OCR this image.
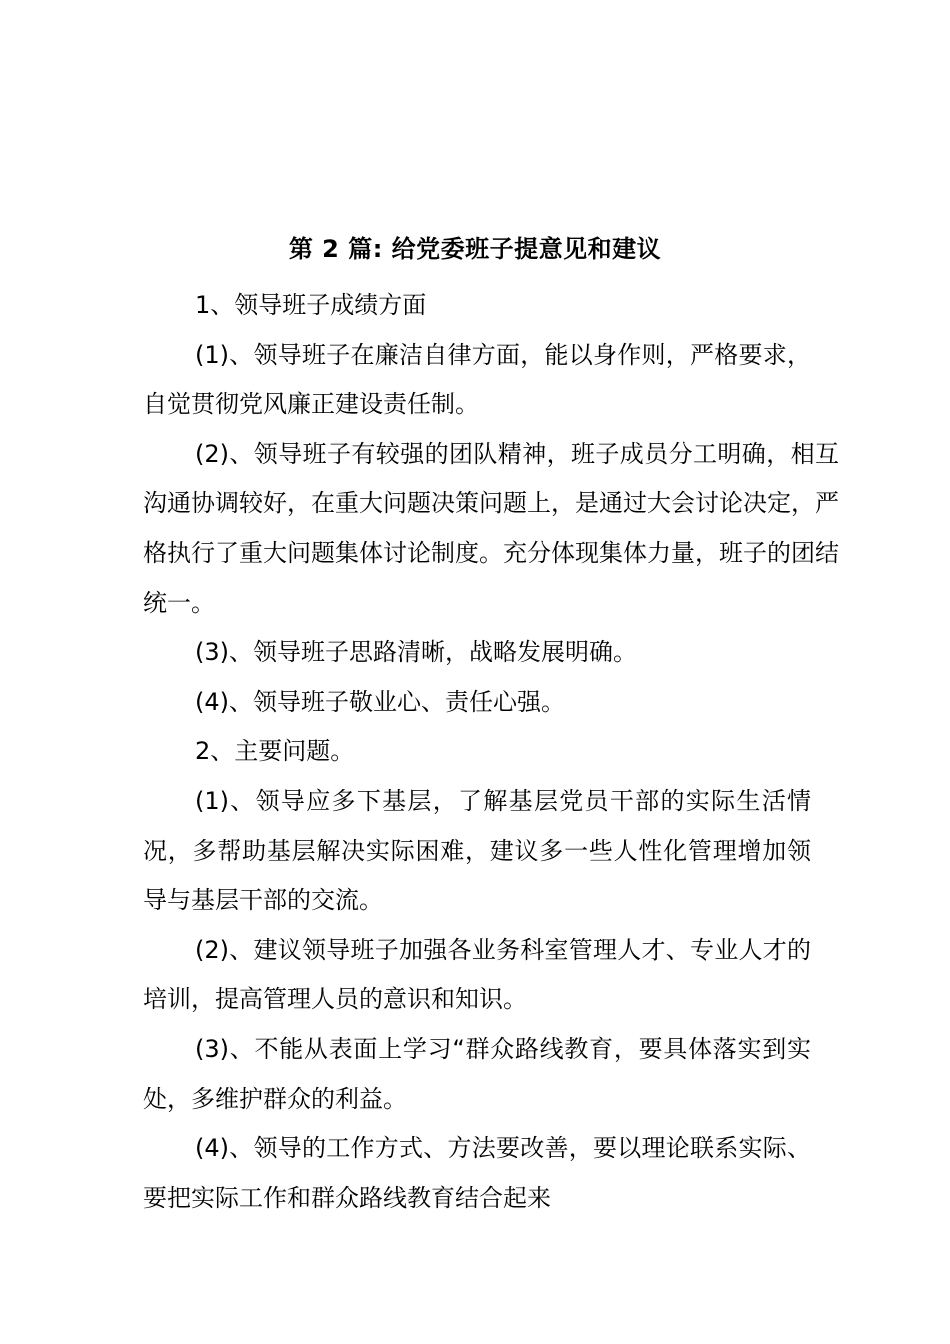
第 2 篇: 给党委班子提意见和建议

1、领导班子成绩方面

(1)、领导班子在廉洁自律方面，能以身作则，严格要求，自觉贯彻党风廉正建设责任制。

(2)、领导班子有较强的团队精神，班子成员分工明确，相互沟通协调较好，在重大问题决策问题上，是通过大会讨论决定，严格执行了重大问题集体讨论制度。充分体现集体力量，班子的团结统一。

(3)、领导班子思路清晰，战略发展明确。

(4)、领导班子敬业心、责任心强。

2、主要问题。

(1)、领导应多下基层，了解基层党员干部的实际生活情况，多帮助基层解决实际困难，建议多一些人性化管理增加领导与基层干部的交流。

(2)、建议领导班子加强各业务科室管理人才、专业人才的培训，提高管理人员的意识和知识。

(3)、不能从表面上学习“群众路线教育，要具体落实到实处，多维护群众的利益。

(4)、领导的工作方式、方法要改善，要以理论联系实际、要把实际工作和群众路线教育结合起来
